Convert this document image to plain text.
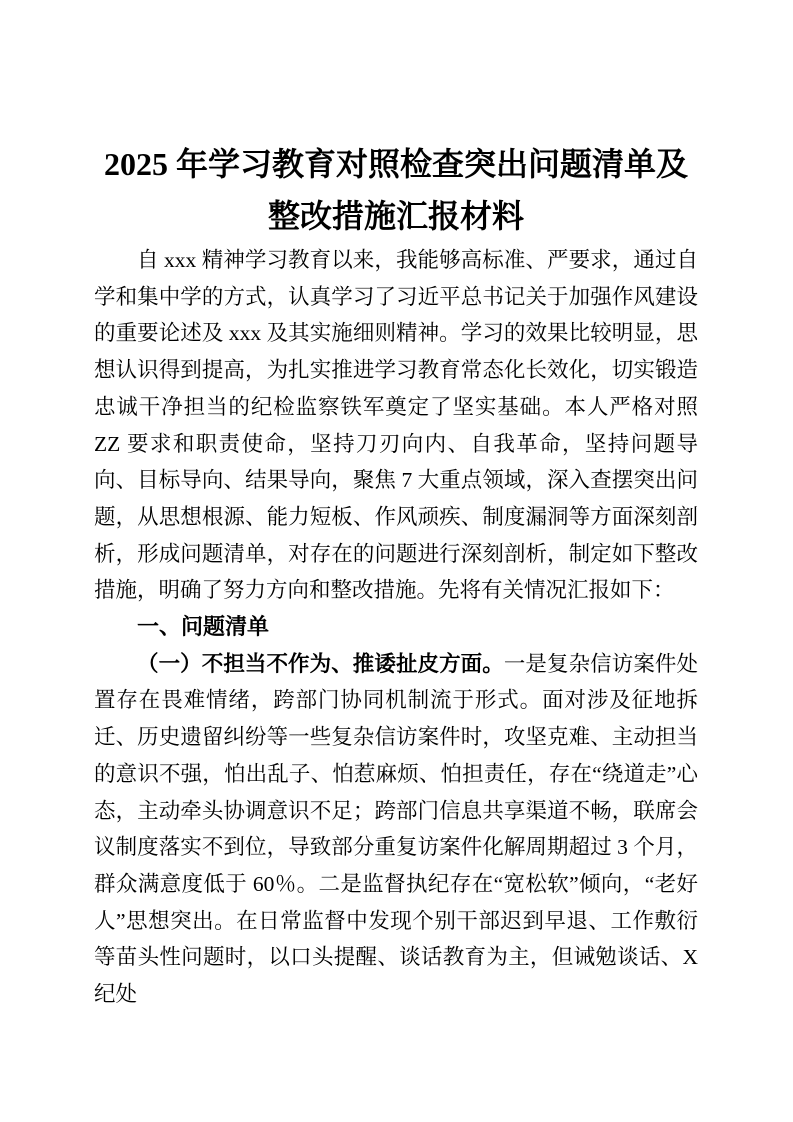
2025 年学习教育对照检查突出问题清单及整改措施汇报材料

自 xxx 精神学习教育以来，我能够高标准、严要求，通过自学和集中学的方式，认真学习了习近平总书记关于加强作风建设的重要论述及 xxx 及其实施细则精神。学习的效果比较明显，思想认识得到提高，为扎实推进学习教育常态化长效化，切实锻造忠诚干净担当的纪检监察铁军奠定了坚实基础。本人严格对照 ZZ 要求和职责使命，坚持刀刃向内、自我革命，坚持问题导向、目标导向、结果导向，聚焦 7 大重点领域，深入查摆突出问题，从思想根源、能力短板、作风顽疾、制度漏洞等方面深刻剖析，形成问题清单，对存在的问题进行深刻剖析，制定如下整改措施，明确了努力方向和整改措施。先将有关情况汇报如下：

一、问题清单

（一）不担当不作为、推诿扯皮方面。一是复杂信访案件处置存在畏难情绪，跨部门协同机制流于形式。面对涉及征地拆迁、历史遗留纠纷等一些复杂信访案件时，攻坚克难、主动担当的意识不强，怕出乱子、怕惹麻烦、怕担责任，存在“绕道走”心态，主动牵头协调意识不足；跨部门信息共享渠道不畅，联席会议制度落实不到位，导致部分重复访案件化解周期超过 3 个月，群众满意度低于 60％。二是监督执纪存在“宽松软”倾向，“老好人”思想突出。在日常监督中发现个别干部迟到早退、工作敷衍等苗头性问题时，以口头提醒、谈话教育为主，但诫勉谈话、X 纪处
